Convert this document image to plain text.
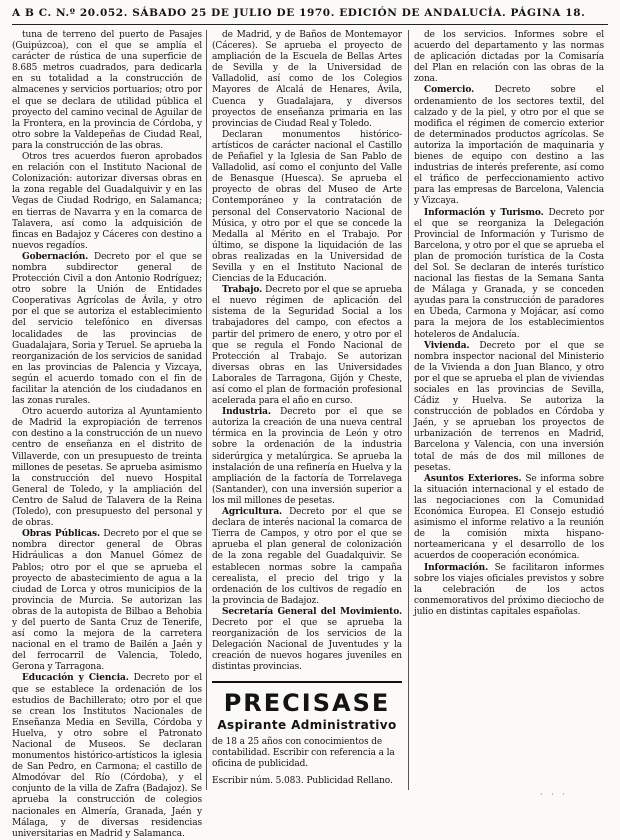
A B C. N.º 20.052. SÁBADO 25 DE JULIO DE 1970. EDICIÓN DE ANDALUCÍA. PÁGINA 18.

tuna de terreno del puerto de Pasajes (Guipúzcoa), con el que se amplía el carácter de rústica de una superficie de 8.685 metros cuadrados, para dedicarla en su totalidad a la construcción de almacenes y servicios portuarios; otro por el que se declara de utilidad pública el proyecto del camino vecinal de Aguilar de la Frontera, en la provincia de Córdoba, y otro sobre la Valdepeñas de Ciudad Real, para la construcción de las obras.

Otros tres acuerdos fueron aprobados en relación con el Instituto Nacional de Colonización: autorizar diversas obras en la zona regable del Guadalquivir y en las Vegas de Ciudad Rodrigo, en Salamanca; en tierras de Navarra y en la comarca de Talavera, así como la adquisición de fincas en Badajoz y Cáceres con destino a nuevos regadíos.

Gobernación. Decreto por el que se nombra subdirector general de Protección Civil a don Antonio Rodríguez; otro sobre la Unión de Entidades Cooperativas Agrícolas de Ávila, y otro por el que se autoriza el establecimiento del servicio telefónico en diversas localidades de las provincias de Guadalajara, Soria y Teruel. Se aprueba la reorganización de los servicios de sanidad en las provincias de Palencia y Vizcaya, según el acuerdo tomado con el fin de facilitar la atención de los ciudadanos en las zonas rurales.

Otro acuerdo autoriza al Ayuntamiento de Madrid la expropiación de terrenos con destino a la construcción de un nuevo centro de enseñanza en el distrito de Villaverde, con un presupuesto de treinta millones de pesetas. Se aprueba asimismo la construcción del nuevo Hospital General de Toledo, y la ampliación del Centro de Salud de Talavera de la Reina (Toledo), con presupuesto del personal y de obras.

Obras Públicas. Decreto por el que se nombra director general de Obras Hidráulicas a don Manuel Gómez de Pablos; otro por el que se aprueba el proyecto de abastecimiento de agua a la ciudad de Lorca y otros municipios de la provincia de Murcia. Se autorizan las obras de la autopista de Bilbao a Behobia y del puerto de Santa Cruz de Tenerife, así como la mejora de la carretera nacional en el tramo de Bailén a Jaén y del ferrocarril de Valencia, Toledo, Gerona y Tarragona.

Educación y Ciencia. Decreto por el que se establece la ordenación de los estudios de Bachillerato; otro por el que se crean los Institutos Nacionales de Enseñanza Media en Sevilla, Córdoba y Huelva, y otro sobre el Patronato Nacional de Museos. Se declaran monumentos histórico-artísticos la iglesia de San Pedro, en Carmona; el castillo de Almodóvar del Río (Córdoba), y el conjunto de la villa de Zafra (Badajoz). Se aprueba la construcción de colegios nacionales en Almería, Granada, Jaén y Málaga, y de diversas residencias universitarias en Madrid y Salamanca.

de Madrid, y de Baños de Montemayor (Cáceres). Se aprueba el proyecto de ampliación de la Escuela de Bellas Artes de Sevilla y de la Universidad de Valladolid, así como de los Colegios Mayores de Alcalá de Henares, Ávila, Cuenca y Guadalajara, y diversos proyectos de enseñanza primaria en las provincias de Ciudad Real y Toledo.

Declaran monumentos histórico-artísticos de carácter nacional el Castillo de Peñafiel y la Iglesia de San Pablo de Valladolid, así como el conjunto del Valle de Benasque (Huesca). Se aprueba el proyecto de obras del Museo de Arte Contemporáneo y la contratación de personal del Conservatorio Nacional de Música, y otro por el que se concede la Medalla al Mérito en el Trabajo. Por último, se dispone la liquidación de las obras realizadas en la Universidad de Sevilla y en el Instituto Nacional de Ciencias de la Educación.

Trabajo. Decreto por el que se aprueba el nuevo régimen de aplicación del sistema de la Seguridad Social a los trabajadores del campo, con efectos a partir del primero de enero, y otro por el que se regula el Fondo Nacional de Protección al Trabajo. Se autorizan diversas obras en las Universidades Laborales de Tarragona, Gijón y Cheste, así como el plan de formación profesional acelerada para el año en curso.

Industria. Decreto por el que se autoriza la creación de una nueva central térmica en la provincia de León y otro sobre la ordenación de la industria siderúrgica y metalúrgica. Se aprueba la instalación de una refinería en Huelva y la ampliación de la factoría de Torrelavega (Santander), con una inversión superior a los mil millones de pesetas.

Agricultura. Decreto por el que se declara de interés nacional la comarca de Tierra de Campos, y otro por el que se aprueba el plan general de colonización de la zona regable del Guadalquivir. Se establecen normas sobre la campaña cerealista, el precio del trigo y la ordenación de los cultivos de regadío en la provincia de Badajoz.

Secretaría General del Movimiento. Decreto por el que se aprueba la reorganización de los servicios de la Delegación Nacional de Juventudes y la creación de nuevos hogares juveniles en distintas provincias.

PRECISASE
Aspirante Administrativo
de 18 a 25 años con conocimientos de contabilidad. Escribir con referencia a la oficina de publicidad.
Escribir núm. 5.083. Publicidad Rellano.

de los servicios. Informes sobre el acuerdo del departamento y las normas de aplicación dictadas por la Comisaría del Plan en relación con las obras de la zona.

Comercio. Decreto sobre el ordenamiento de los sectores textil, del calzado y de la piel, y otro por el que se modifica el régimen de comercio exterior de determinados productos agrícolas. Se autoriza la importación de maquinaria y bienes de equipo con destino a las industrias de interés preferente, así como el tráfico de perfeccionamiento activo para las empresas de Barcelona, Valencia y Vizcaya.

Información y Turismo. Decreto por el que se reorganiza la Delegación Provincial de Información y Turismo de Barcelona, y otro por el que se aprueba el plan de promoción turística de la Costa del Sol. Se declaran de interés turístico nacional las fiestas de la Semana Santa de Málaga y Granada, y se conceden ayudas para la construcción de paradores en Úbeda, Carmona y Mojácar, así como para la mejora de los establecimientos hoteleros de Andalucía.

Vivienda. Decreto por el que se nombra inspector nacional del Ministerio de la Vivienda a don Juan Blanco, y otro por el que se aprueba el plan de viviendas sociales en las provincias de Sevilla, Cádiz y Huelva. Se autoriza la construcción de poblados en Córdoba y Jaén, y se aprueban los proyectos de urbanización de terrenos en Madrid, Barcelona y Valencia, con una inversión total de más de dos mil millones de pesetas.

Asuntos Exteriores. Se informa sobre la situación internacional y el estado de las negociaciones con la Comunidad Económica Europea. El Consejo estudió asimismo el informe relativo a la reunión de la comisión mixta hispano-norteamericana y el desarrollo de los acuerdos de cooperación económica.

Información. Se facilitaron informes sobre los viajes oficiales previstos y sobre la celebración de los actos conmemorativos del próximo dieciocho de julio en distintas capitales españolas.

· · ·
